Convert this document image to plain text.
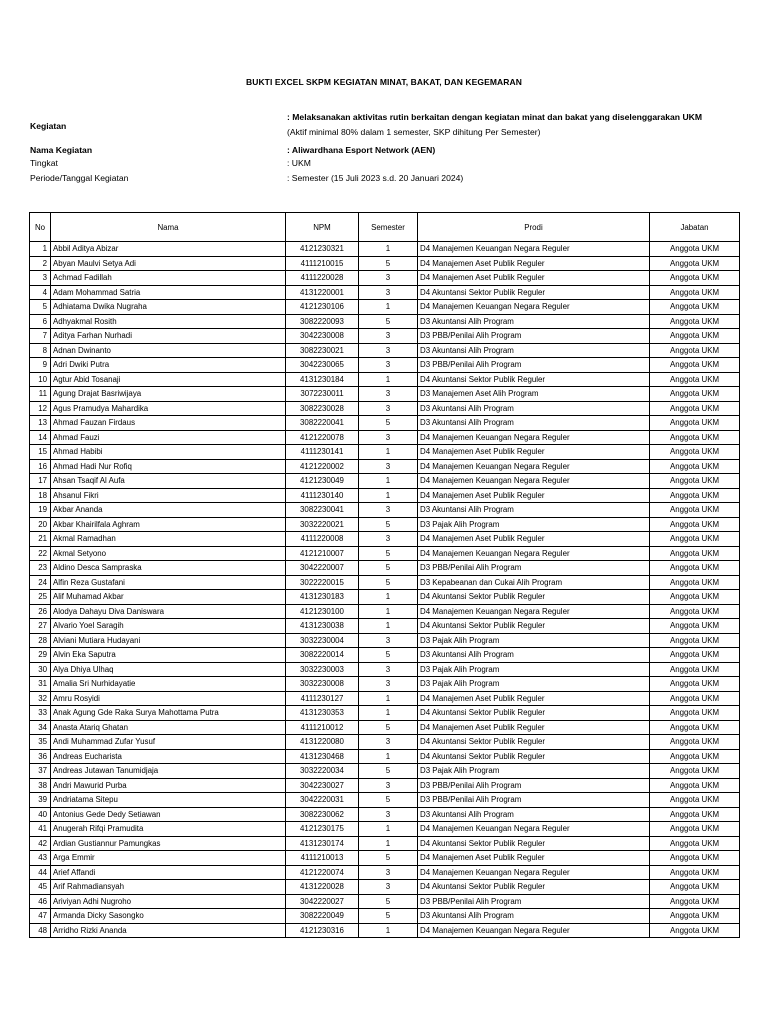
BUKTI EXCEL SKPM KEGIATAN MINAT, BAKAT, DAN KEGEMARAN
Kegiatan
: Melaksanakan aktivitas rutin berkaitan dengan kegiatan minat dan bakat yang diselenggarakan UKM
(Aktif minimal 80% dalam 1 semester, SKP dihitung Per Semester)
Nama Kegiatan	: Aliwardhana Esport Network (AEN)
Tingkat	: UKM
Periode/Tanggal Kegiatan	: Semester (15 Juli 2023 s.d. 20 Januari 2024)
No	Nama	NPM	Semester	Prodi	Jabatan
1	Abbil Aditya Abizar	4121230321	1	D4 Manajemen Keuangan Negara Reguler	Anggota UKM
2	Abyan Maulvi Setya Adi	4111210015	5	D4 Manajemen Aset Publik Reguler	Anggota UKM
3	Achmad Fadillah	4111220028	3	D4 Manajemen Aset Publik Reguler	Anggota UKM
4	Adam Mohammad Satria	4131220001	3	D4 Akuntansi Sektor Publik Reguler	Anggota UKM
5	Adhiatama Dwika Nugraha	4121230106	1	D4 Manajemen Keuangan Negara Reguler	Anggota UKM
6	Adhyakmal Rosith	3082220093	5	D3 Akuntansi Alih Program	Anggota UKM
7	Aditya Farhan Nurhadi	3042230008	3	D3 PBB/Penilai Alih Program	Anggota UKM
8	Adnan Dwinanto	3082230021	3	D3 Akuntansi Alih Program	Anggota UKM
9	Adri Dwiki Putra	3042230065	3	D3 PBB/Penilai Alih Program	Anggota UKM
10	Agtur Abid Tosanaji	4131230184	1	D4 Akuntansi Sektor Publik Reguler	Anggota UKM
11	Agung Drajat Basriwijaya	3072230011	3	D3 Manajemen Aset Alih Program	Anggota UKM
12	Agus Pramudya Mahardika	3082230028	3	D3 Akuntansi Alih Program	Anggota UKM
13	Ahmad Fauzan Firdaus	3082220041	5	D3 Akuntansi Alih Program	Anggota UKM
14	Ahmad Fauzi	4121220078	3	D4 Manajemen Keuangan Negara Reguler	Anggota UKM
15	Ahmad Habibi	4111230141	1	D4 Manajemen Aset Publik Reguler	Anggota UKM
16	Ahmad Hadi Nur Rofiq	4121220002	3	D4 Manajemen Keuangan Negara Reguler	Anggota UKM
17	Ahsan Tsaqif Al Aufa	4121230049	1	D4 Manajemen Keuangan Negara Reguler	Anggota UKM
18	Ahsanul Fikri	4111230140	1	D4 Manajemen Aset Publik Reguler	Anggota UKM
19	Akbar Ananda	3082230041	3	D3 Akuntansi Alih Program	Anggota UKM
20	Akbar Khairilfala Aghram	3032220021	5	D3 Pajak Alih Program	Anggota UKM
21	Akmal Ramadhan	4111220008	3	D4 Manajemen Aset Publik Reguler	Anggota UKM
22	Akmal Setyono	4121210007	5	D4 Manajemen Keuangan Negara Reguler	Anggota UKM
23	Aldino Desca Sampraska	3042220007	5	D3 PBB/Penilai Alih Program	Anggota UKM
24	Alfin Reza Gustafani	3022220015	5	D3 Kepabeanan dan Cukai Alih Program	Anggota UKM
25	Alif Muhamad Akbar	4131230183	1	D4 Akuntansi Sektor Publik Reguler	Anggota UKM
26	Alodya Dahayu Diva Daniswara	4121230100	1	D4 Manajemen Keuangan Negara Reguler	Anggota UKM
27	Alvario Yoel Saragih	4131230038	1	D4 Akuntansi Sektor Publik Reguler	Anggota UKM
28	Alviani Mutiara Hudayani	3032230004	3	D3 Pajak Alih Program	Anggota UKM
29	Alvin Eka Saputra	3082220014	5	D3 Akuntansi Alih Program	Anggota UKM
30	Alya Dhiya Ulhaq	3032230003	3	D3 Pajak Alih Program	Anggota UKM
31	Amalia Sri Nurhidayatie	3032230008	3	D3 Pajak Alih Program	Anggota UKM
32	Amru Rosyidi	4111230127	1	D4 Manajemen Aset Publik Reguler	Anggota UKM
33	Anak Agung Gde Raka Surya Mahottama Putra	4131230353	1	D4 Akuntansi Sektor Publik Reguler	Anggota UKM
34	Anasta Atariq Ghatan	4111210012	5	D4 Manajemen Aset Publik Reguler	Anggota UKM
35	Andi Muhammad Zufar Yusuf	4131220080	3	D4 Akuntansi Sektor Publik Reguler	Anggota UKM
36	Andreas Eucharista	4131230468	1	D4 Akuntansi Sektor Publik Reguler	Anggota UKM
37	Andreas Jutawan Tanumidjaja	3032220034	5	D3 Pajak Alih Program	Anggota UKM
38	Andri Mawurid Purba	3042230027	3	D3 PBB/Penilai Alih Program	Anggota UKM
39	Andriatama Sitepu	3042220031	5	D3 PBB/Penilai Alih Program	Anggota UKM
40	Antonius Gede Dedy Setiawan	3082230062	3	D3 Akuntansi Alih Program	Anggota UKM
41	Anugerah Rifqi Pramudita	4121230175	1	D4 Manajemen Keuangan Negara Reguler	Anggota UKM
42	Ardian Gustiannur Pamungkas	4131230174	1	D4 Akuntansi Sektor Publik Reguler	Anggota UKM
43	Arga Emmir	4111210013	5	D4 Manajemen Aset Publik Reguler	Anggota UKM
44	Arief Affandi	4121220074	3	D4 Manajemen Keuangan Negara Reguler	Anggota UKM
45	Arif Rahmadiansyah	4131220028	3	D4 Akuntansi Sektor Publik Reguler	Anggota UKM
46	Ariviyan Adhi Nugroho	3042220027	5	D3 PBB/Penilai Alih Program	Anggota UKM
47	Armanda Dicky Sasongko	3082220049	5	D3 Akuntansi Alih Program	Anggota UKM
48	Arridho Rizki Ananda	4121230316	1	D4 Manajemen Keuangan Negara Reguler	Anggota UKM
